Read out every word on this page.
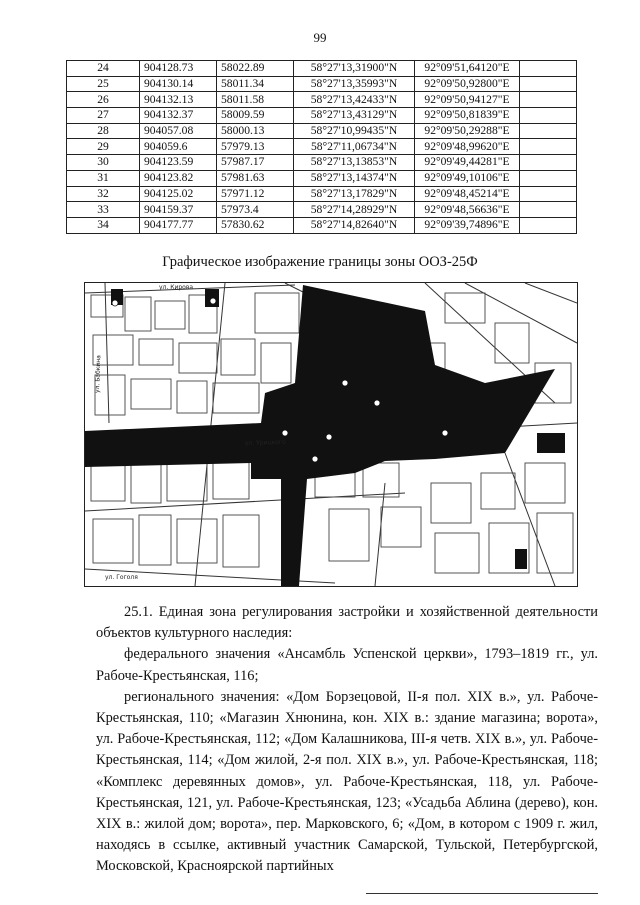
99
24	904128.73	58022.89	58°27'13,31900"N	92°09'51,64120"E	
25	904130.14	58011.34	58°27'13,35993"N	92°09'50,92800"E	
26	904132.13	58011.58	58°27'13,42433"N	92°09'50,94127"E	
27	904132.37	58009.59	58°27'13,43129"N	92°09'50,81839"E	
28	904057.08	58000.13	58°27'10,99435"N	92°09'50,29288"E	
29	904059.6	57979.13	58°27'11,06734"N	92°09'48,99620"E	
30	904123.59	57987.17	58°27'13,13853"N	92°09'49,44281"E	
31	904123.82	57981.63	58°27'13,14374"N	92°09'49,10106"E	
32	904125.02	57971.12	58°27'13,17829"N	92°09'48,45214"E	
33	904159.37	57973.4	58°27'14,28929"N	92°09'48,56636"E	
34	904177.77	57830.62	58°27'14,82640"N	92°09'39,74896"E	
Графическое изображение границы зоны ООЗ-25Ф
ул. Кирова
ул. Урицкого
ул. Бабкина
ул. Гоголя

25.1. Единая зона регулирования застройки и хозяйственной деятельности объектов культурного наследия:

федерального значения «Ансамбль Успенской церкви», 1793–1819 гг., ул. Рабоче-Крестьянская, 116;

регионального значения: «Дом Борзецовой, II-я пол. XIX в.», ул. Рабоче-Крестьянская, 110; «Магазин Хнюнина, кон. XIX в.: здание магазина; ворота», ул. Рабоче-Крестьянская, 112; «Дом Калашникова, III-я четв. XIX в.», ул. Рабоче-Крестьянская, 114; «Дом жилой, 2-я пол. XIX в.», ул. Рабоче-Крестьянская, 118; «Комплекс деревянных домов», ул. Рабоче-Крестьянская, 118, ул. Рабоче-Крестьянская, 121, ул. Рабоче-Крестьянская, 123; «Усадьба Аблина (дерево), кон. XIX в.: жилой дом; ворота», пер. Марковского, 6; «Дом, в котором с 1909 г. жил, находясь в ссылке, активный участник Самарской, Тульской, Петербургской, Московской, Красноярской партийных
